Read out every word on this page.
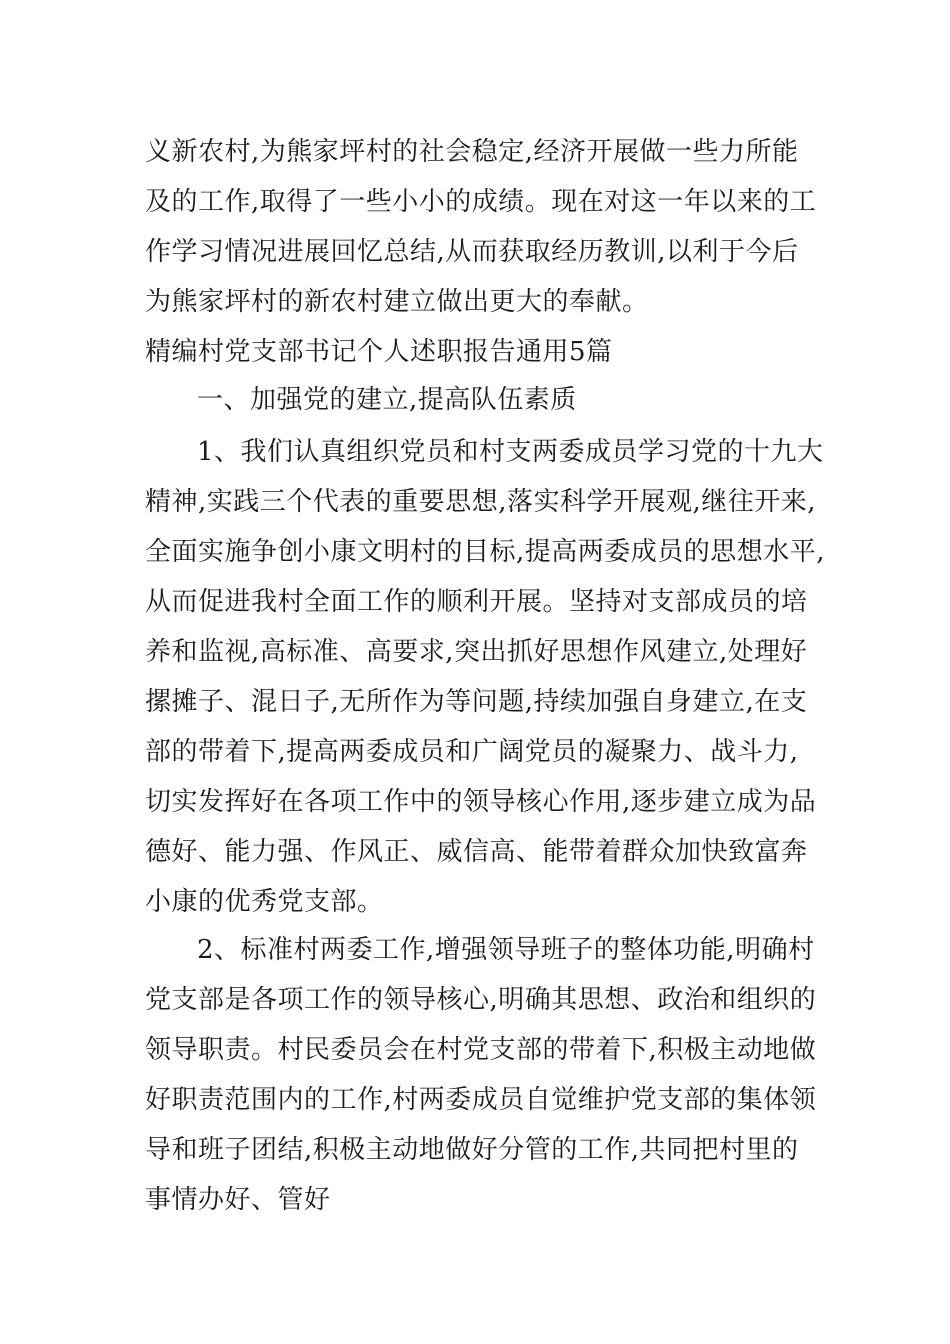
义新农村,为熊家坪村的社会稳定,经济开展做一些力所能
及的工作,取得了一些小小的成绩。现在对这一年以来的工
作学习情况进展回忆总结,从而获取经历教训,以利于今后
为熊家坪村的新农村建立做出更大的奉献。
精编村党支部书记个人述职报告通用5篇
一、加强党的建立,提高队伍素质
1、我们认真组织党员和村支两委成员学习党的十九大
精神,实践三个代表的重要思想,落实科学开展观,继往开来,
全面实施争创小康文明村的目标,提高两委成员的思想水平,
从而促进我村全面工作的顺利开展。坚持对支部成员的培
养和监视,高标准、高要求,突出抓好思想作风建立,处理好
摞摊子、混日子,无所作为等问题,持续加强自身建立,在支
部的带着下,提高两委成员和广阔党员的凝聚力、战斗力,
切实发挥好在各项工作中的领导核心作用,逐步建立成为品
德好、能力强、作风正、威信高、能带着群众加快致富奔
小康的优秀党支部。
2、标准村两委工作,增强领导班子的整体功能,明确村
党支部是各项工作的领导核心,明确其思想、政治和组织的
领导职责。村民委员会在村党支部的带着下,积极主动地做
好职责范围内的工作,村两委成员自觉维护党支部的集体领
导和班子团结,积极主动地做好分管的工作,共同把村里的
事情办好、管好
